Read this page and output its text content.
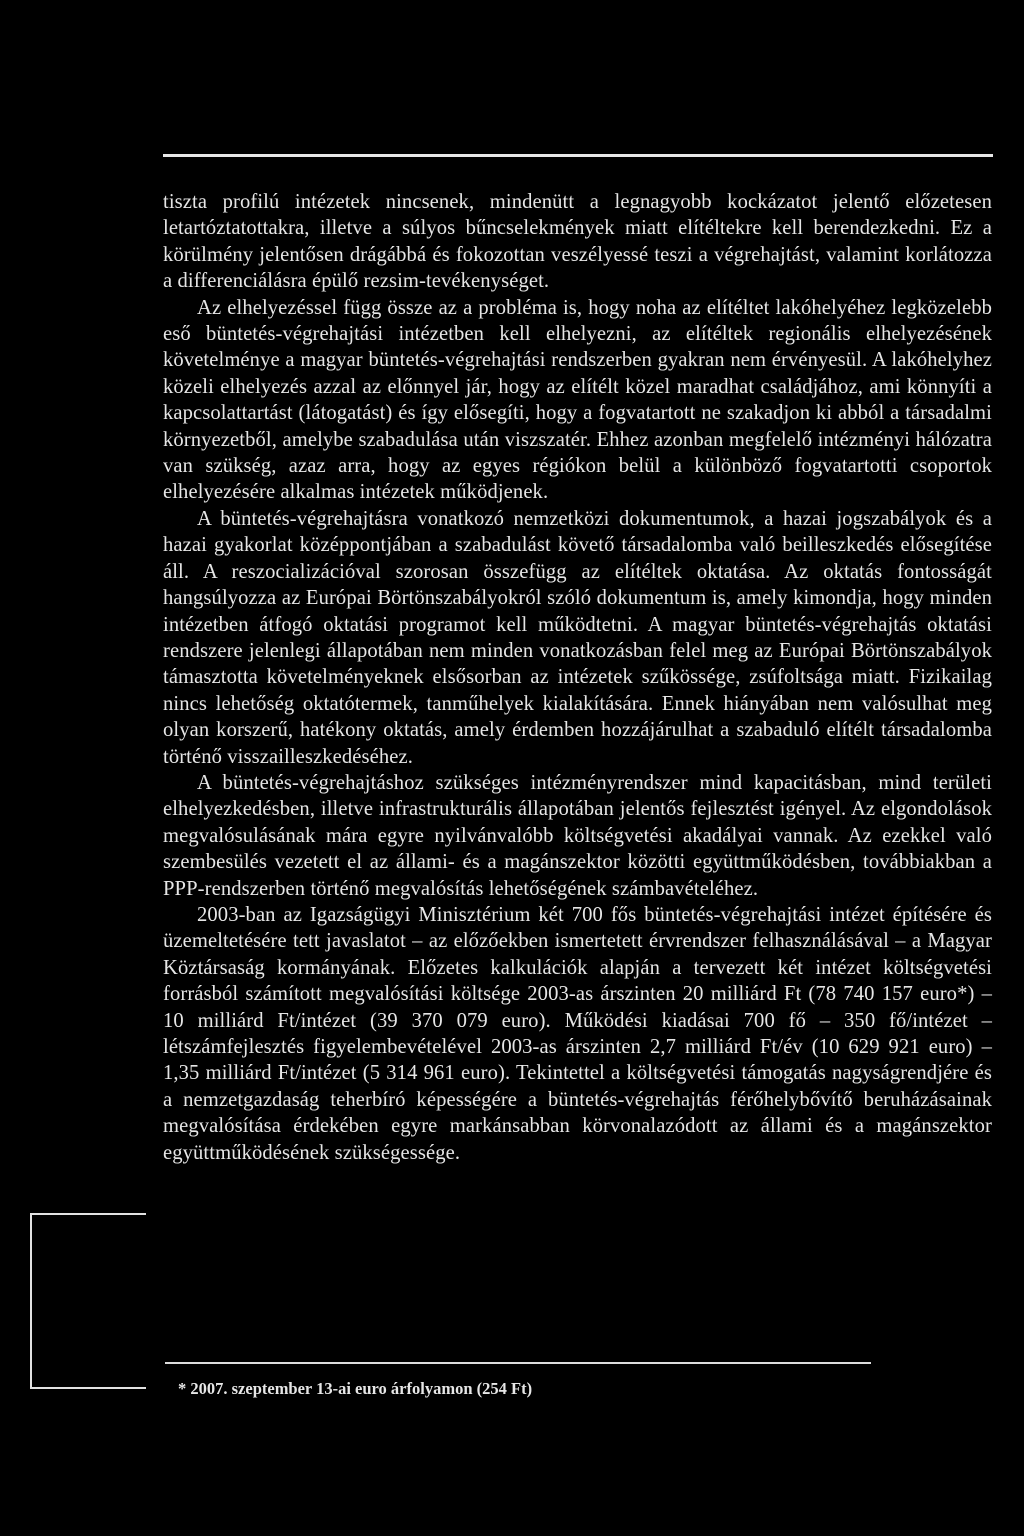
tiszta profilú intézetek nincsenek, mindenütt a legnagyobb kockázatot jelentő előzetesen letartóztatottakra, illetve a súlyos bűncselekmények miatt elítéltekre kell berendezkedni. Ez a körülmény jelentősen drágábbá és fokozottan veszélyessé teszi a végrehajtást, valamint korlátozza a differenciálásra épülő rezsim-tevékenységet.

Az elhelyezéssel függ össze az a probléma is, hogy noha az elítéltet lakóhelyéhez legközelebb eső büntetés-végrehajtási intézetben kell elhelyezni, az elítéltek regionális elhelyezésének követelménye a magyar büntetés-végrehajtási rendszerben gyakran nem érvényesül. A lakóhelyhez közeli elhelyezés azzal az előnnyel jár, hogy az elítélt közel maradhat családjához, ami könnyíti a kapcsolattartást (látogatást) és így elősegíti, hogy a fogvatartott ne szakadjon ki abból a társadalmi környezetből, amelybe szabadulása után viszszatér. Ehhez azonban megfelelő intézményi hálózatra van szükség, azaz arra, hogy az egyes régiókon belül a különböző fogvatartotti csoportok elhelyezésére alkalmas intézetek működjenek.

A büntetés-végrehajtásra vonatkozó nemzetközi dokumentumok, a hazai jogszabályok és a hazai gyakorlat középpontjában a szabadulást követő társadalomba való beilleszkedés elősegítése áll. A reszocializációval szorosan összefügg az elítéltek oktatása. Az oktatás fontosságát hangsúlyozza az Európai Börtönszabályokról szóló dokumentum is, amely kimondja, hogy minden intézetben átfogó oktatási programot kell működtetni. A magyar büntetés-végrehajtás oktatási rendszere jelenlegi állapotában nem minden vonatkozásban felel meg az Európai Börtönszabályok támasztotta követelményeknek elsősorban az intézetek szűkössége, zsúfoltsága miatt. Fizikailag nincs lehetőség oktatótermek, tanműhelyek kialakítására. Ennek hiányában nem valósulhat meg olyan korszerű, hatékony oktatás, amely érdemben hozzájárulhat a szabaduló elítélt társadalomba történő visszailleszkedéséhez.

A büntetés-végrehajtáshoz szükséges intézményrendszer mind kapacitásban, mind területi elhelyezkedésben, illetve infrastrukturális állapotában jelentős fejlesztést igényel. Az elgondolások megvalósulásának mára egyre nyilvánvalóbb költségvetési akadályai vannak. Az ezekkel való szembesülés vezetett el az állami- és a magánszektor közötti együttműködésben, továbbiakban a PPP-rendszerben történő megvalósítás lehetőségének számbavételéhez.

2003-ban az Igazságügyi Minisztérium két 700 fős büntetés-végrehajtási intézet építésére és üzemeltetésére tett javaslatot – az előzőekben ismertetett érvrendszer felhasználásával – a Magyar Köztársaság kormányának. Előzetes kalkulációk alapján a tervezett két intézet költségvetési forrásból számított megvalósítási költsége 2003-as árszinten 20 milliárd Ft (78 740 157 euro*) – 10 milliárd Ft/intézet (39 370 079 euro). Működési kiadásai 700 fő – 350 fő/intézet – létszámfejlesztés figyelembevételével 2003-as árszinten 2,7 milliárd Ft/év (10 629 921 euro) – 1,35 milliárd Ft/intézet (5 314 961 euro). Tekintettel a költségvetési támogatás nagyságrendjére és a nemzetgazdaság teherbíró képességére a büntetés-végrehajtás férőhelybővítő beruházásainak megvalósítása érdekében egyre markánsabban körvonalazódott az állami és a magánszektor együttműködésének szükségessége.

* 2007. szeptember 13-ai euro árfolyamon (254 Ft)
